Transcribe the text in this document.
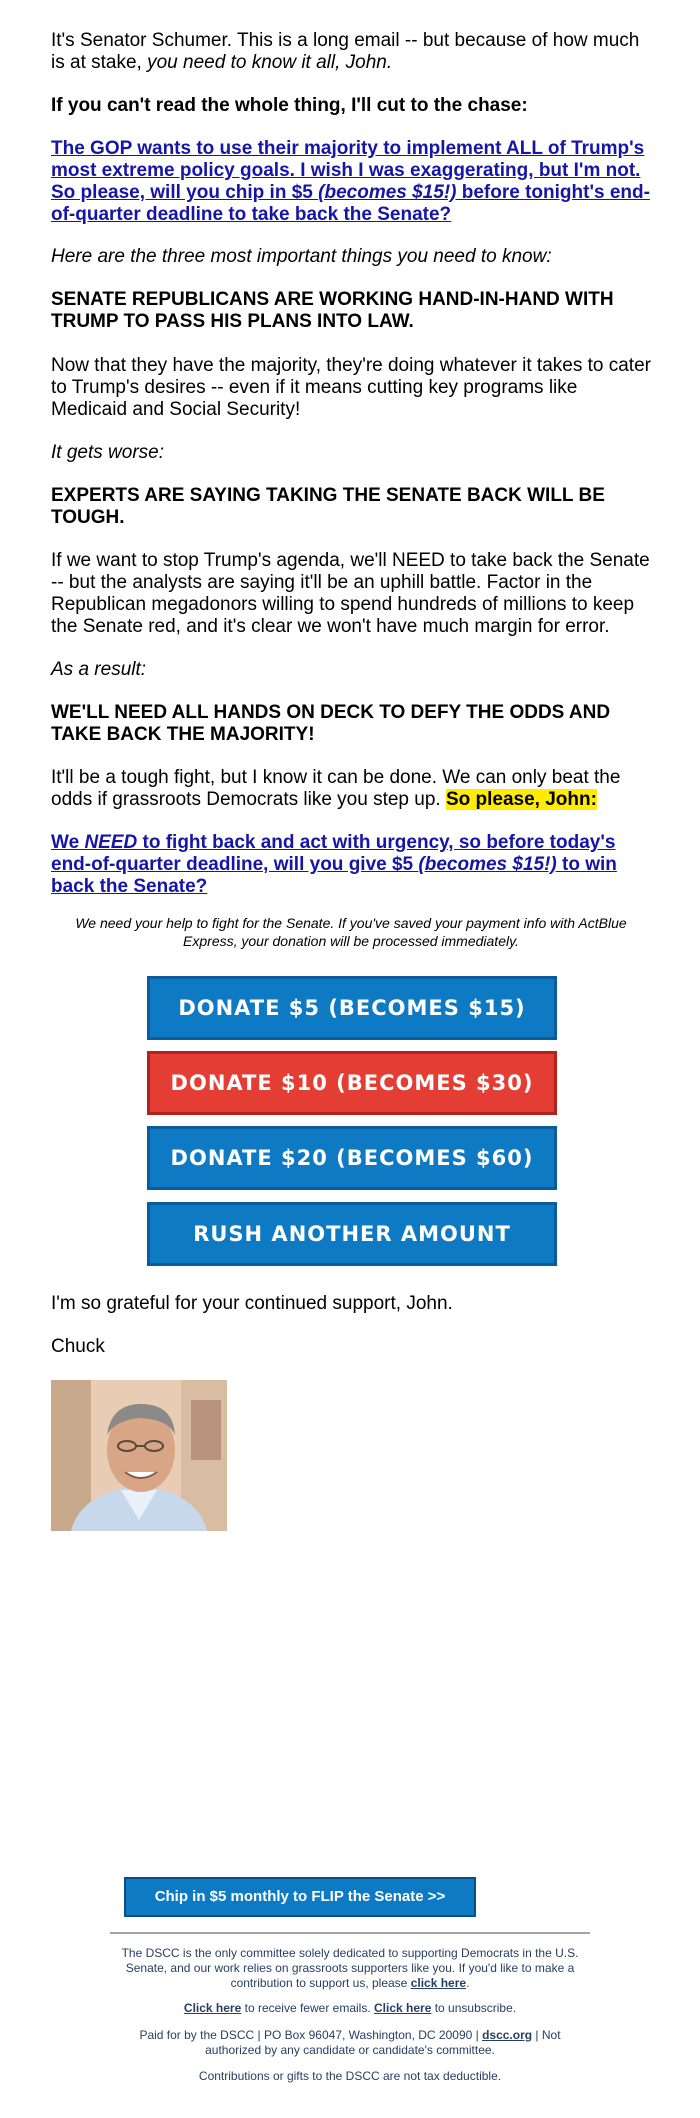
It's Senator Schumer. This is a long email -- but because of how much is at stake, you need to know it all, John.

If you can't read the whole thing, I'll cut to the chase:

The GOP wants to use their majority to implement ALL of Trump's most extreme policy goals. I wish I was exaggerating, but I'm not. So please, will you chip in $5 (becomes $15!) before tonight's end-of-quarter deadline to take back the Senate?

Here are the three most important things you need to know:

SENATE REPUBLICANS ARE WORKING HAND-IN-HAND WITH TRUMP TO PASS HIS PLANS INTO LAW.

Now that they have the majority, they're doing whatever it takes to cater to Trump's desires -- even if it means cutting key programs like Medicaid and Social Security!

It gets worse:

EXPERTS ARE SAYING TAKING THE SENATE BACK WILL BE TOUGH.

If we want to stop Trump's agenda, we'll NEED to take back the Senate -- but the analysts are saying it'll be an uphill battle. Factor in the Republican megadonors willing to spend hundreds of millions to keep the Senate red, and it's clear we won't have much margin for error.

As a result:

WE'LL NEED ALL HANDS ON DECK TO DEFY THE ODDS AND TAKE BACK THE MAJORITY!

It'll be a tough fight, but I know it can be done. We can only beat the odds if grassroots Democrats like you step up. So please, John:

We NEED to fight back and act with urgency, so before today's end-of-quarter deadline, will you give $5 (becomes $15!) to win back the Senate?

We need your help to fight for the Senate. If you've saved your payment info with ActBlue Express, your donation will be processed immediately.

DONATE $5 (BECOMES $15)
DONATE $10 (BECOMES $30)
DONATE $20 (BECOMES $60)
RUSH ANOTHER AMOUNT

I'm so grateful for your continued support, John.

Chuck

Chip in $5 monthly to FLIP the Senate >>

The DSCC is the only committee solely dedicated to supporting Democrats in the U.S. Senate, and our work relies on grassroots supporters like you. If you'd like to make a contribution to support us, please click here.

Click here to receive fewer emails. Click here to unsubscribe.

Paid for by the DSCC | PO Box 96047, Washington, DC 20090 | dscc.org | Not authorized by any candidate or candidate's committee.

Contributions or gifts to the DSCC are not tax deductible.
